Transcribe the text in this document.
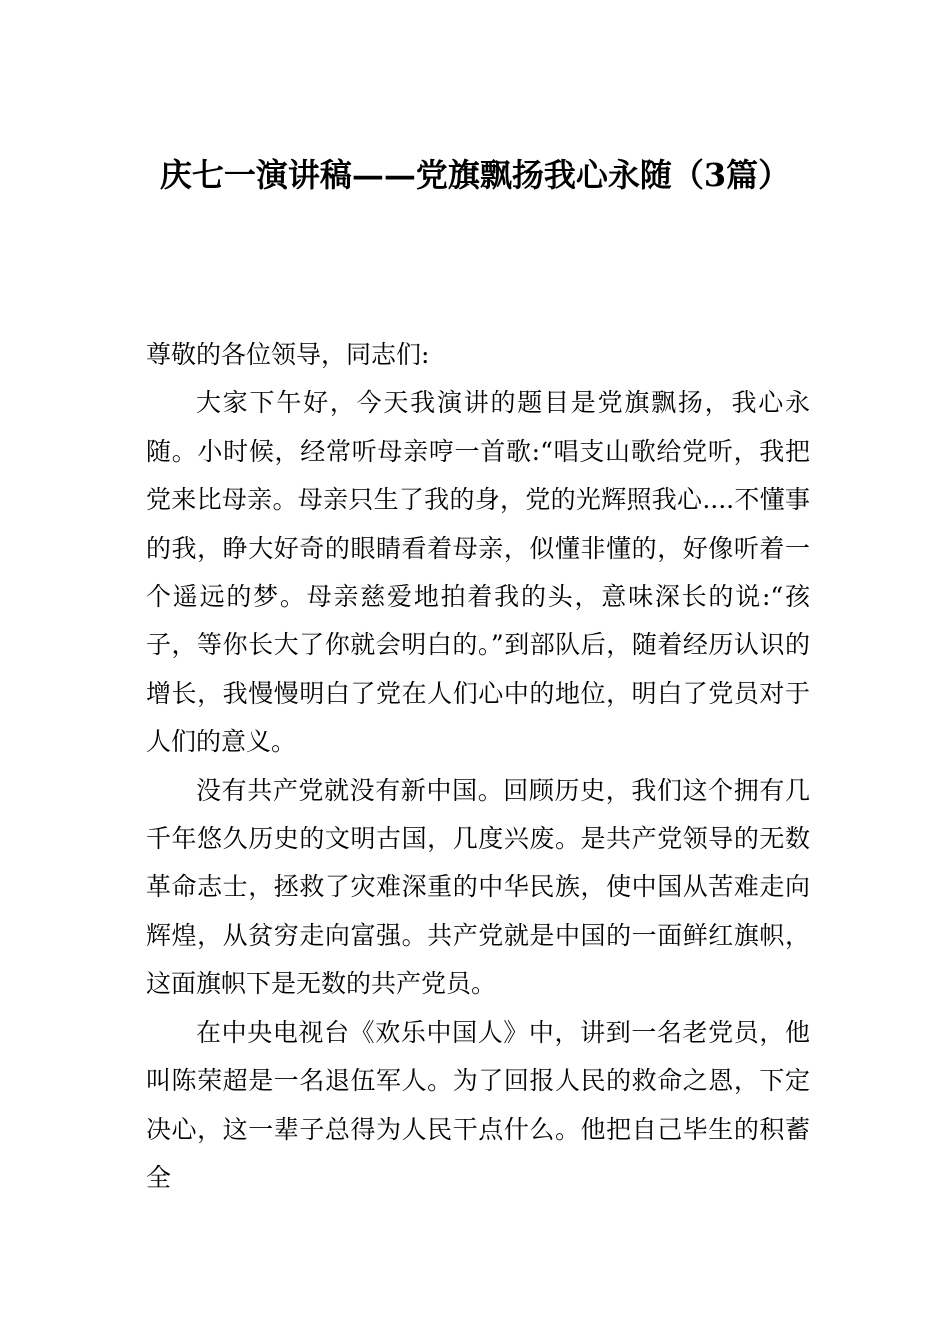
庆七一演讲稿——党旗飘扬我心永随（3篇）

尊敬的各位领导，同志们:

大家下午好，今天我演讲的题目是党旗飘扬，我心永随。小时候，经常听母亲哼一首歌:“唱支山歌给党听，我把党来比母亲。母亲只生了我的身，党的光辉照我心....不懂事的我，睁大好奇的眼睛看着母亲，似懂非懂的，好像听着一个遥远的梦。母亲慈爱地拍着我的头，意味深长的说:“孩子，等你长大了你就会明白的。”到部队后，随着经历认识的增长，我慢慢明白了党在人们心中的地位，明白了党员对于人们的意义。

没有共产党就没有新中国。回顾历史，我们这个拥有几千年悠久历史的文明古国，几度兴废。是共产党领导的无数革命志士，拯救了灾难深重的中华民族，使中国从苦难走向辉煌，从贫穷走向富强。共产党就是中国的一面鲜红旗帜，这面旗帜下是无数的共产党员。

在中央电视台《欢乐中国人》中，讲到一名老党员，他叫陈荣超是一名退伍军人。为了回报人民的救命之恩，下定决心，这一辈子总得为人民干点什么。他把自己毕生的积蓄全
